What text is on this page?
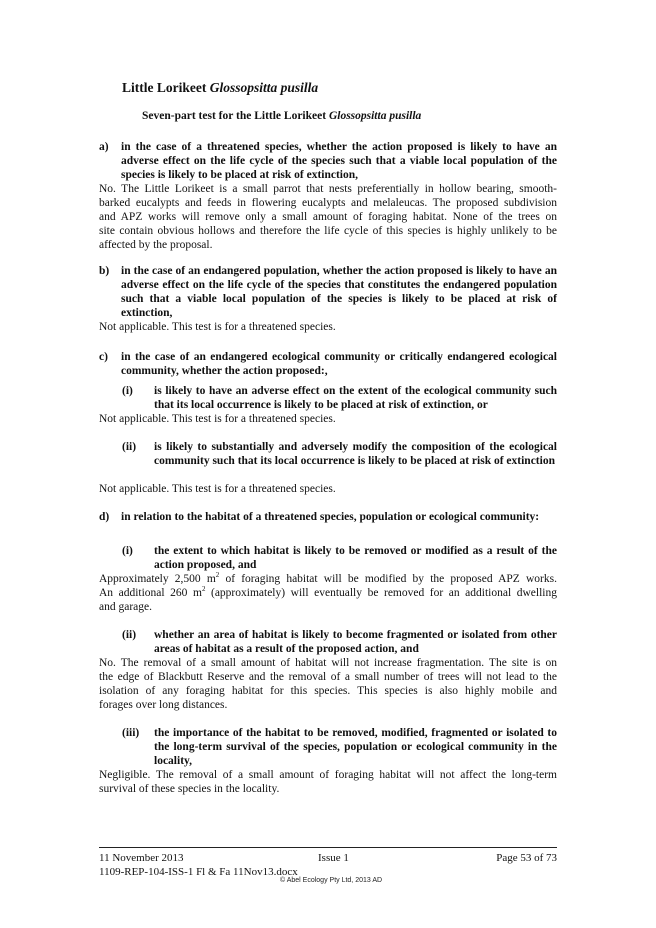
Little Lorikeet Glossopsitta pusilla
Seven-part test for the Little Lorikeet Glossopsitta pusilla
a) in the case of a threatened species, whether the action proposed is likely to have an adverse effect on the life cycle of the species such that a viable local population of the species is likely to be placed at risk of extinction,
No. The Little Lorikeet is a small parrot that nests preferentially in hollow bearing, smooth-
barked eucalypts and feeds in flowering eucalypts and melaleucas. The proposed subdivision
and APZ works will remove only a small amount of foraging habitat. None of the trees on
site contain obvious hollows and therefore the life cycle of this species is highly unlikely to be
affected by the proposal.
b) in the case of an endangered population, whether the action proposed is likely to have an adverse effect on the life cycle of the species that constitutes the endangered population such that a viable local population of the species is likely to be placed at risk of extinction,
Not applicable. This test is for a threatened species.
c) in the case of an endangered ecological community or critically endangered ecological community, whether the action proposed:,
(i) is likely to have an adverse effect on the extent of the ecological community such that its local occurrence is likely to be placed at risk of extinction, or
Not applicable. This test is for a threatened species.
(ii) is likely to substantially and adversely modify the composition of the ecological community such that its local occurrence is likely to be placed at risk of extinction
Not applicable. This test is for a threatened species.
d) in relation to the habitat of a threatened species, population or ecological community:
(i) the extent to which habitat is likely to be removed or modified as a result of the action proposed, and
Approximately 2,500 $m^2$ of foraging habitat will be modified by the proposed APZ works.
An additional 260 $m^2$ (approximately) will eventually be removed for an additional dwelling
and garage.
(ii) whether an area of habitat is likely to become fragmented or isolated from other areas of habitat as a result of the proposed action, and
No. The removal of a small amount of habitat will not increase fragmentation. The site is on
the edge of Blackbutt Reserve and the removal of a small number of trees will not lead to the
isolation of any foraging habitat for this species. This species is also highly mobile and
forages over long distances.
(iii) the importance of the habitat to be removed, modified, fragmented or isolated to the long-term survival of the species, population or ecological community in the locality,
Negligible. The removal of a small amount of foraging habitat will not affect the long-term
survival of these species in the locality.
11 November 2013	Issue 1	Page 53 of 73
1109-REP-104-ISS-1 Fl & Fa 11Nov13.docx
© Abel Ecology Pty Ltd, 2013 AD
